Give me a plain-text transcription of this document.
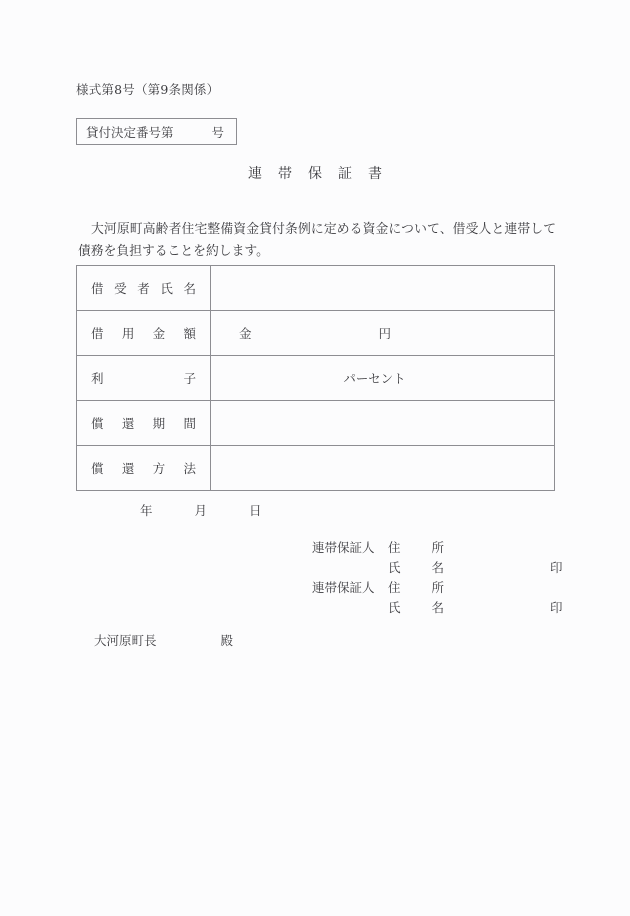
様式第8号（第9条関係）
貸付決定番号第	号
連帯保証書
大河原町高齢者住宅整備資金貸付条例に定める資金について、借受人と連帯して債務を負担することを約します。
借 受 者 氏 名	

借 用 金 額	金 円

利 子	パーセント

償 還 期 間	

償 還 方 法	

年	月	日
連帯保証人	住 所
氏 名	印
連帯保証人	住 所
氏 名	印
大河原町長	殿
